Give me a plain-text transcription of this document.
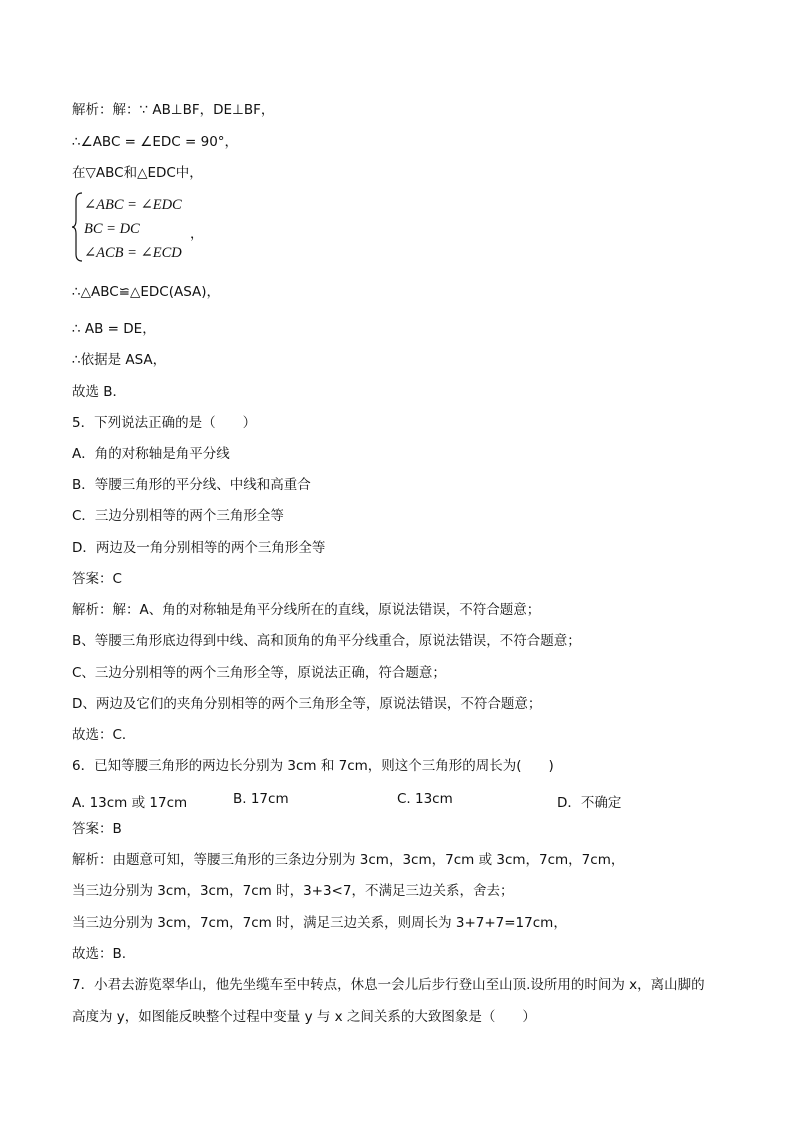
解析：解：∵ AB⊥BF，DE⊥BF，
∴∠ABC = ∠EDC = 90°，
在▽ABC和△EDC中，
∠ABC = ∠EDC
BC = DC
∠ACB = ∠ECD
，
∴△ABC≌△EDC(ASA)，
∴ AB = DE，
∴依据是 ASA，
故选 B．
5．下列说法正确的是（　　）
A．角的对称轴是角平分线
B．等腰三角形的平分线、中线和高重合
C．三边分别相等的两个三角形全等
D．两边及一角分别相等的两个三角形全等
答案：C
解析：解：A、角的对称轴是角平分线所在的直线，原说法错误，不符合题意；
B、等腰三角形底边得到中线、高和顶角的角平分线重合，原说法错误，不符合题意；
C、三边分别相等的两个三角形全等，原说法正确，符合题意；
D、两边及它们的夹角分别相等的两个三角形全等，原说法错误，不符合题意；
故选：C．
6．已知等腰三角形的两边长分别为 3cm 和 7cm，则这个三角形的周长为(　　)
A. 13cm 或 17cm	B. 17cm	C. 13cm	D．不确定
答案：B
解析：由题意可知，等腰三角形的三条边分别为 3cm，3cm，7cm 或 3cm，7cm，7cm，
当三边分别为 3cm，3cm，7cm 时，3+3<7，不满足三边关系，舍去；
当三边分别为 3cm，7cm，7cm 时，满足三边关系，则周长为 3+7+7=17cm，
故选：B.
7．小君去游览翠华山，他先坐缆车至中转点，休息一会儿后步行登山至山顶.设所用的时间为 x，离山脚的
高度为 y，如图能反映整个过程中变量 y 与 x 之间关系的大致图象是（　　）
